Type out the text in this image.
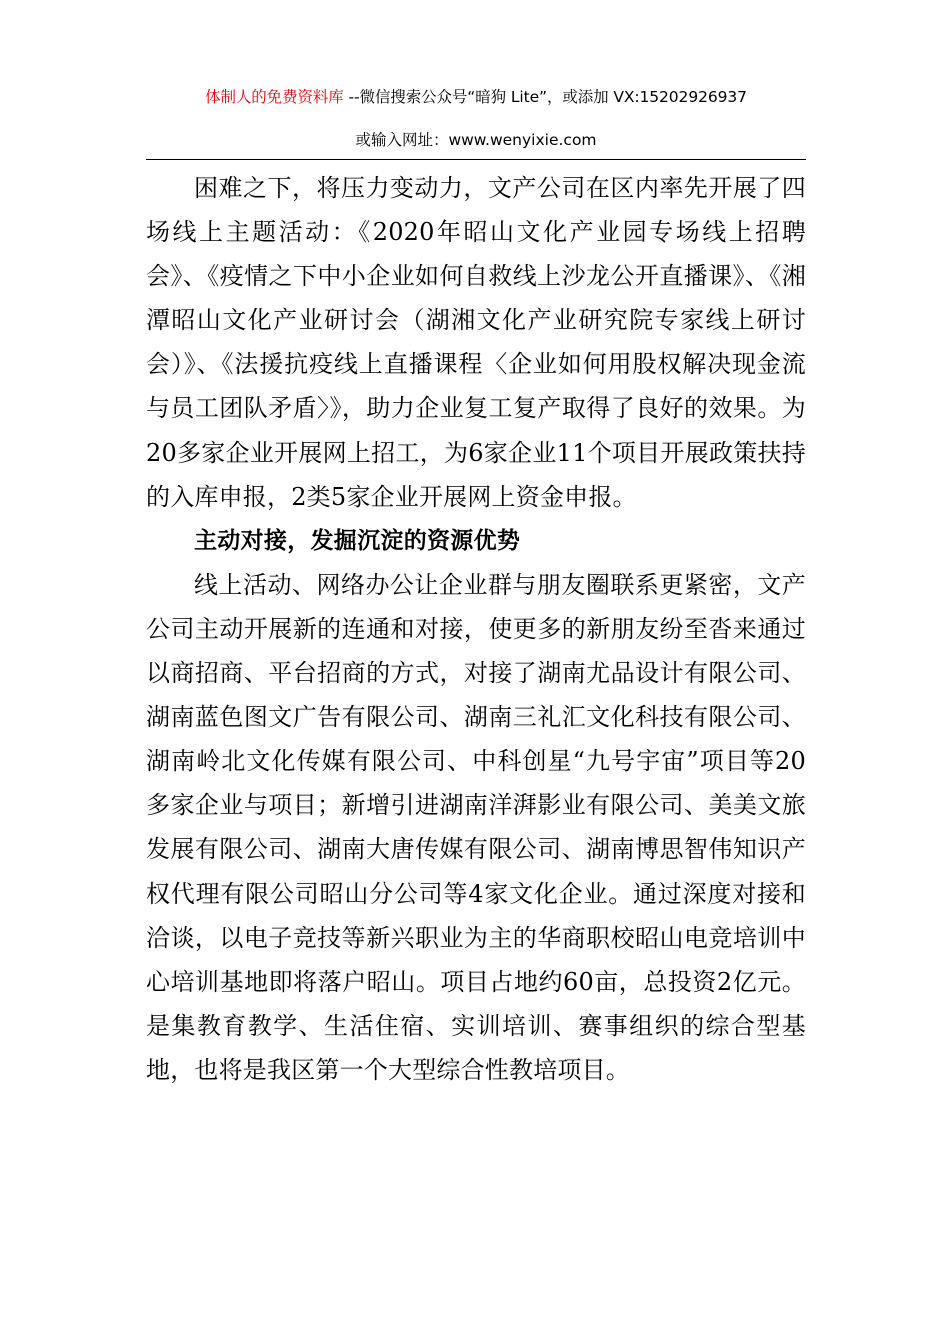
体制人的免费资料库 --微信搜索公众号“暗狗 Lite”，或添加 VX:15202926937
或输入网址：www.wenyixie.com

困难之下，将压力变动力，文产公司在区内率先开展了四场线上主题活动：《2020年昭山文化产业园专场线上招聘会》、《疫情之下中小企业如何自救线上沙龙公开直播课》、《湘潭昭山文化产业研讨会（湖湘文化产业研究院专家线上研讨会）》、《法援抗疫线上直播课程〈企业如何用股权解决现金流与员工团队矛盾〉》，助力企业复工复产取得了良好的效果。为20多家企业开展网上招工，为6家企业11个项目开展政策扶持的入库申报，2类5家企业开展网上资金申报。

主动对接，发掘沉淀的资源优势

线上活动、网络办公让企业群与朋友圈联系更紧密，文产公司主动开展新的连通和对接，使更多的新朋友纷至沓来通过以商招商、平台招商的方式，对接了湖南尤品设计有限公司、湖南蓝色图文广告有限公司、湖南三礼汇文化科技有限公司、湖南岭北文化传媒有限公司、中科创星“九号宇宙”项目等20多家企业与项目；新增引进湖南洋湃影业有限公司、美美文旅发展有限公司、湖南大唐传媒有限公司、湖南博思智伟知识产权代理有限公司昭山分公司等4家文化企业。通过深度对接和洽谈，以电子竞技等新兴职业为主的华商职校昭山电竞培训中心培训基地即将落户昭山。项目占地约60亩，总投资2亿元。是集教育教学、生活住宿、实训培训、赛事组织的综合型基地，也将是我区第一个大型综合性教培项目。
